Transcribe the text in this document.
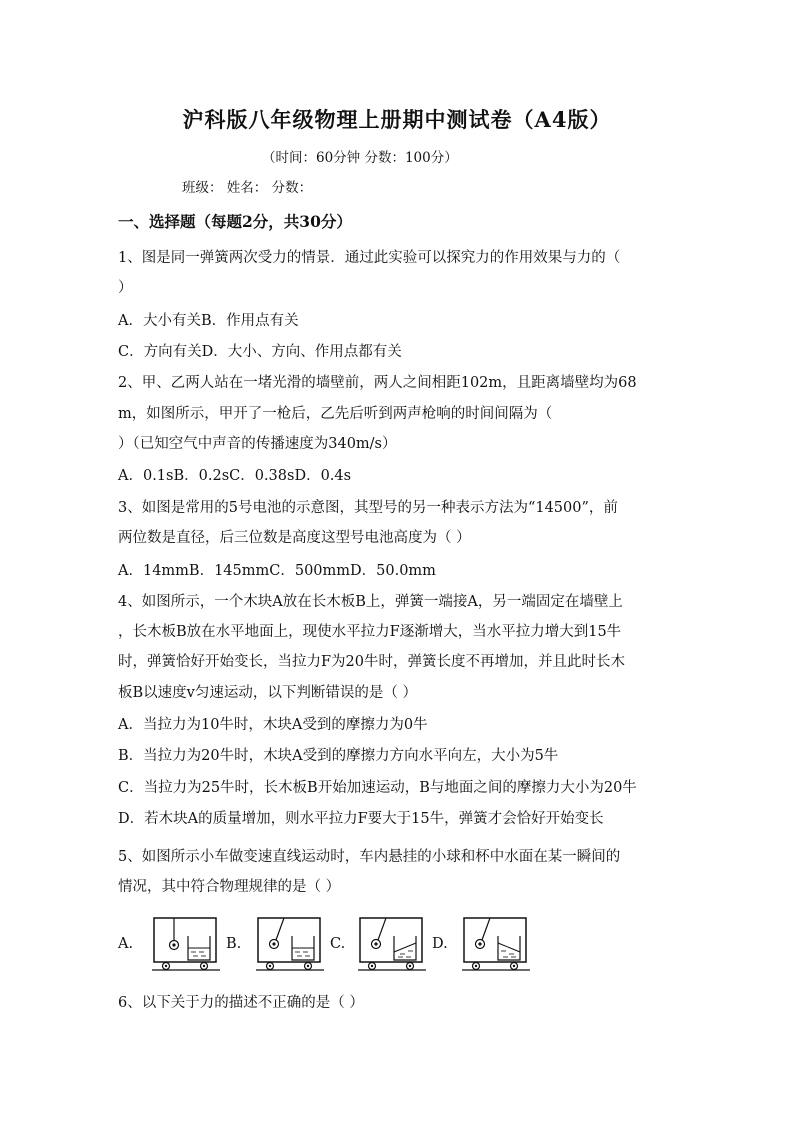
沪科版八年级物理上册期中测试卷（A4版）
（时间：60分钟 分数：100分）
班级： 姓名： 分数：
一、选择题（每题2分，共30分）
1、图是同一弹簧两次受力的情景．通过此实验可以探究力的作用效果与力的（
）
A．大小有关B．作用点有关
C．方向有关D．大小、方向、作用点都有关
2、甲、乙两人站在一堵光滑的墙壁前，两人之间相距102m，且距离墙壁均为68
m，如图所示，甲开了一枪后，乙先后听到两声枪响的时间间隔为（
）（已知空气中声音的传播速度为340m/s）
A．0.1sB．0.2sC．0.38sD．0.4s
3、如图是常用的5号电池的示意图，其型号的另一种表示方法为“14500”，前
两位数是直径，后三位数是高度这型号电池高度为（ ）
A．14mmB．145mmC．500mmD．50.0mm
4、如图所示，一个木块A放在长木板B上，弹簧一端接A，另一端固定在墙壁上
，长木板B放在水平地面上，现使水平拉力F逐渐增大，当水平拉力增大到15牛
时，弹簧恰好开始变长，当拉力F为20牛时，弹簧长度不再增加，并且此时长木
板B以速度v匀速运动，以下判断错误的是（ ）
A．当拉力为10牛时，木块A受到的摩擦力为0牛
B．当拉力为20牛时，木块A受到的摩擦力方向水平向左，大小为5牛
C．当拉力为25牛时，长木板B开始加速运动，B与地面之间的摩擦力大小为20牛
D．若木块A的质量增加，则水平拉力F要大于15牛，弹簧才会恰好开始变长
5、如图所示小车做变速直线运动时，车内悬挂的小球和杯中水面在某一瞬间的
情况，其中符合物理规律的是（ ）
A.	B.	C.	D.
6、以下关于力的描述不正确的是（ ）
